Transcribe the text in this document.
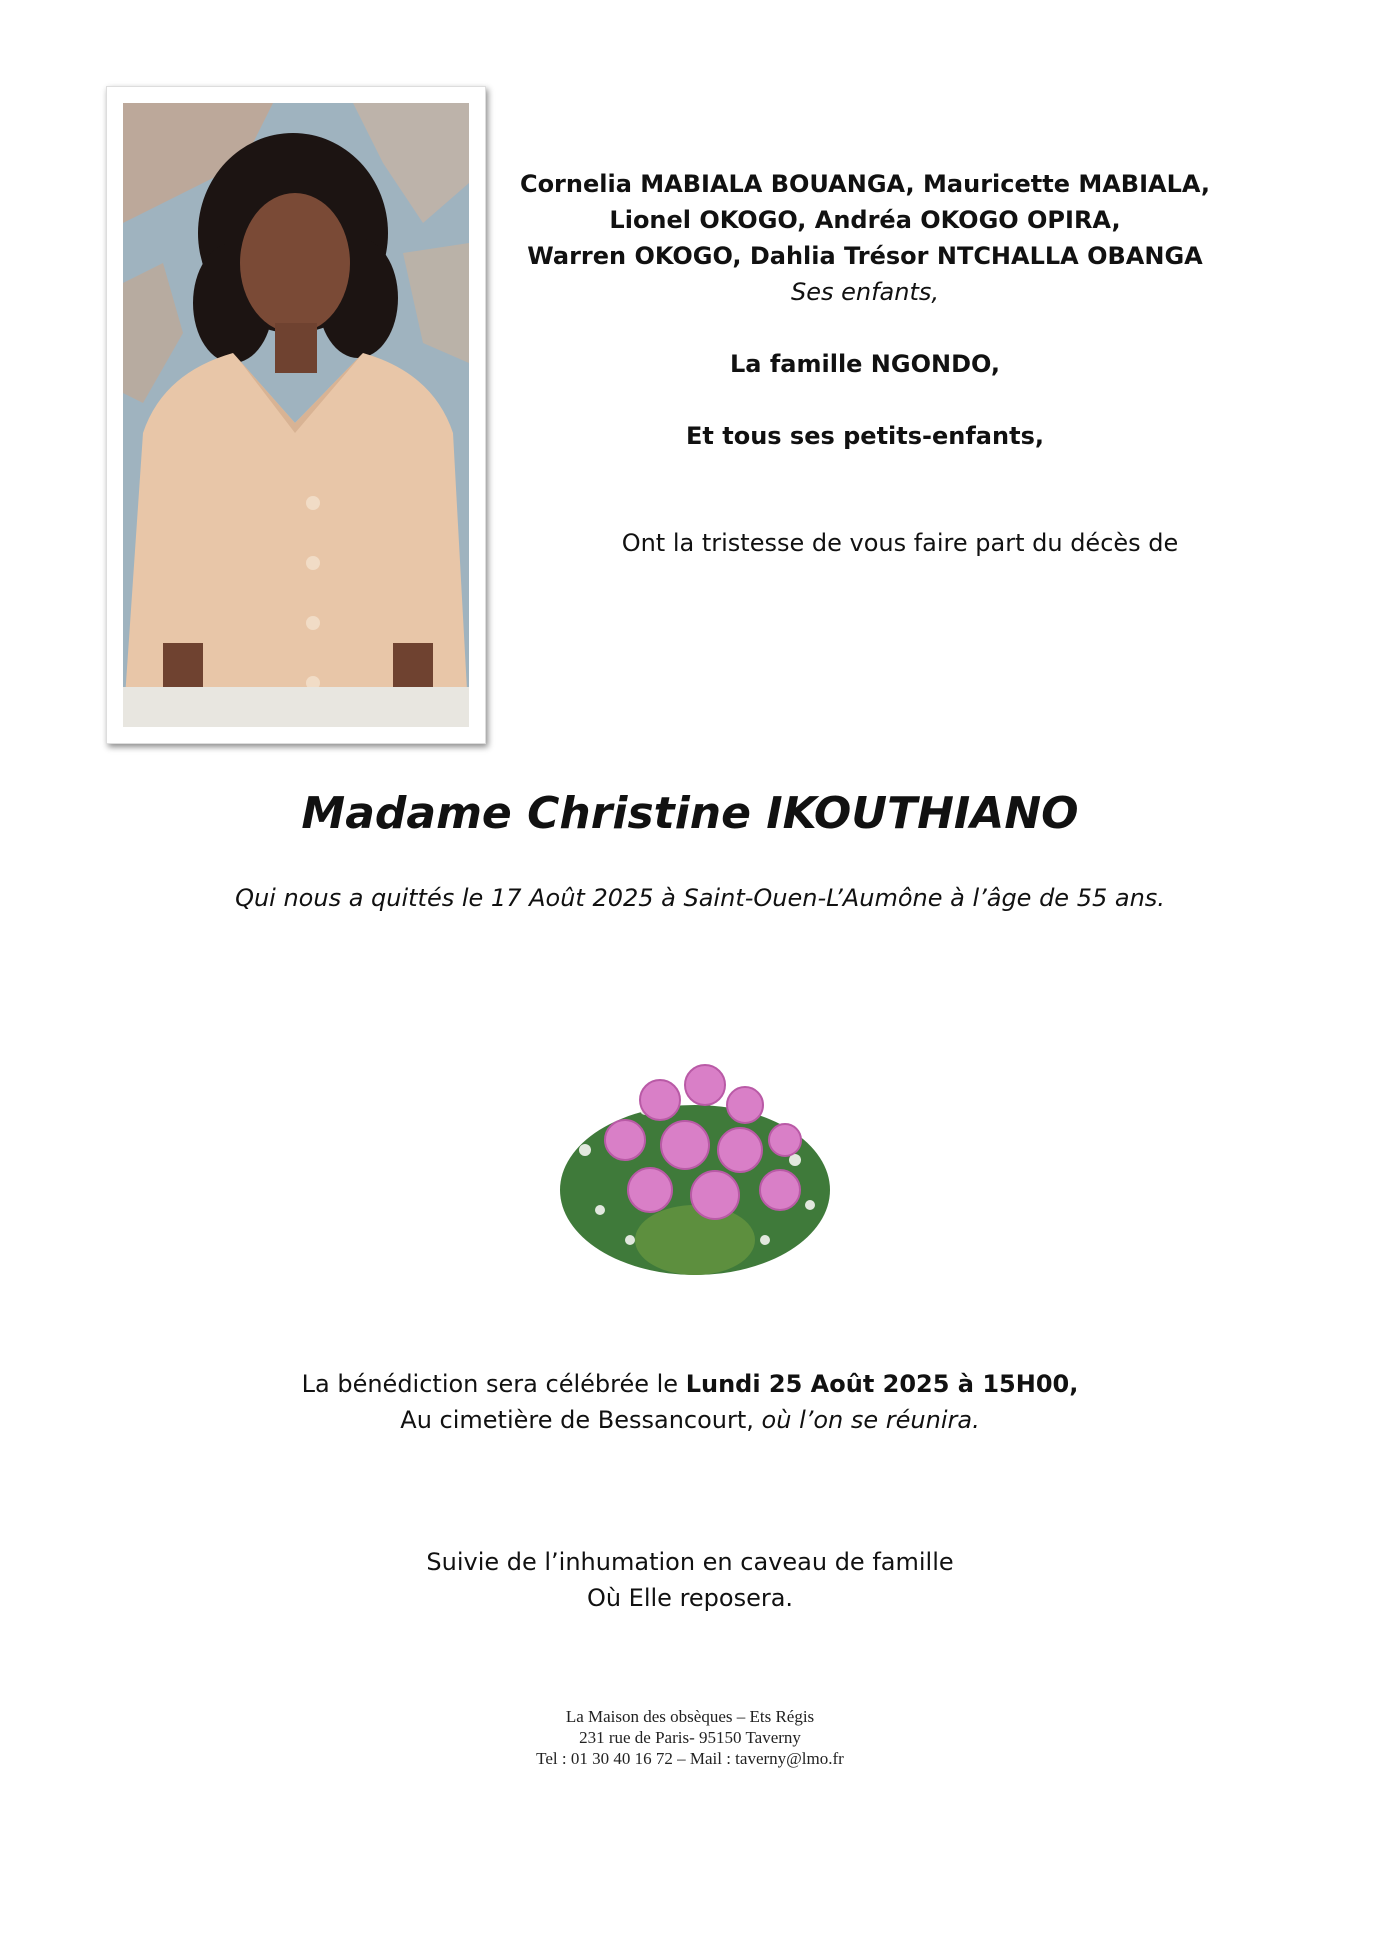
Cornelia MABIALA BOUANGA, Mauricette MABIALA,
Lionel OKOGO, Andréa OKOGO OPIRA,
Warren OKOGO, Dahlia Trésor NTCHALLA OBANGA
Ses enfants,
La famille NGONDO,
Et tous ses petits-enfants,
Ont la tristesse de vous faire part du décès de
Madame Christine IKOUTHIANO
Qui nous a quittés le 17 Août 2025 à Saint-Ouen-L’Aumône à l’âge de 55 ans.
La bénédiction sera célébrée le Lundi 25 Août 2025 à 15H00,
Au cimetière de Bessancourt, où l’on se réunira.
Suivie de l’inhumation en caveau de famille
Où Elle reposera.
La Maison des obsèques – Ets Régis
231 rue de Paris- 95150 Taverny
Tel : 01 30 40 16 72 – Mail : taverny@lmo.fr
